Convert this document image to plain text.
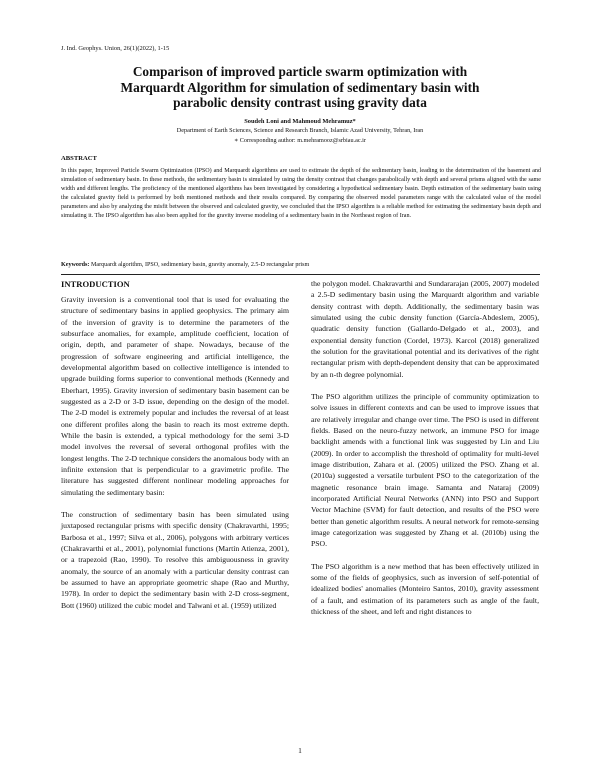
J. Ind. Geophys. Union, 26(1)(2022), 1-15
Comparison of improved particle swarm optimization with
Marquardt Algorithm for simulation of sedimentary basin with
parabolic density contrast using gravity data
Soudeh Loni and Mahmoud Mehramuz*
Department of Earth Sciences, Science and Research Branch, Islamic Azad University, Tehran, Iran
∗ Corresponding author: m.mehramooz@srbiau.ac.ir
ABSTRACT
In this paper, Improved Particle Swarm Optimization (IPSO) and Marquardt algorithms are used to estimate the depth of the sedimentary basin, leading to the determination of the basement and simulation of sedimentary basin. In these methods, the sedimentary basin is simulated by using the density contrast that changes parabolically with depth and several prisms aligned with the same width and different lengths. The proficiency of the mentioned algorithms has been investigated by considering a hypothetical sedimentary basin. Depth estimation of the sedimentary basin using the calculated gravity field is performed by both mentioned methods and their results compared. By comparing the observed model parameters range with the calculated value of the model parameters and also by analyzing the misfit between the observed and calculated gravity, we concluded that the IPSO algorithm is a reliable method for estimating the sedimentary basin depth and simulating it. The IPSO algorithm has also been applied for the gravity inverse modeling of a sedimentary basin in the Northeast region of Iran.
Keywords: Marquardt algorithm, IPSO, sedimentary basin, gravity anomaly, 2.5-D rectangular prism
INTRODUCTION

Gravity inversion is a conventional tool that is used for evaluating the structure of sedimentary basins in applied geophysics. The primary aim of the inversion of gravity is to determine the parameters of the subsurface anomalies, for example, amplitude coefficient, location of origin, depth, and parameter of shape. Nowadays, because of the progression of software engineering and artificial intelligence, the developmental algorithm based on collective intelligence is intended to upgrade building forms superior to conventional methods (Kennedy and Eberhart, 1995). Gravity inversion of sedimentary basin basement can be suggested as a 2-D or 3-D issue, depending on the design of the model. The 2-D model is extremely popular and includes the reversal of at least one different profiles along the basin to reach its most extreme depth. While the basin is extended, a typical methodology for the semi 3-D model involves the reversal of several orthogonal profiles with the longest lengths. The 2-D technique considers the anomalous body with an infinite extension that is perpendicular to a gravimetric profile. The literature has suggested different nonlinear modeling approaches for simulating the sedimentary basin:

The construction of sedimentary basin has been simulated using juxtaposed rectangular prisms with specific density (Chakravarthi, 1995; Barbosa et al., 1997; Silva et al., 2006), polygons with arbitrary vertices (Chakravarthi et al., 2001), polynomial functions (Martín Atienza, 2001), or a trapezoid (Rao, 1990). To resolve this ambiguousness in gravity anomaly, the source of an anomaly with a particular density contrast can be assumed to have an appropriate geometric shape (Rao and Murthy, 1978). In order to depict the sedimentary basin with 2-D cross-segment, Bott (1960) utilized the cubic model and Talwani et al. (1959) utilized

the polygon model. Chakravarthi and Sundararajan (2005, 2007) modeled a 2.5-D sedimentary basin using the Marquardt algorithm and variable density contrast with depth. Additionally, the sedimentary basin was simulated using the cubic density function (García-Abdeslem, 2005), quadratic density function (Gallardo-Delgado et al., 2003), and exponential density function (Cordel, 1973). Karcol (2018) generalized the solution for the gravitational potential and its derivatives of the right rectangular prism with depth-dependent density that can be approximated by an n-th degree polynomial.

The PSO algorithm utilizes the principle of community optimization to solve issues in different contexts and can be used to improve issues that are relatively irregular and change over time. The PSO is used in different fields. Based on the neuro-fuzzy network, an immune PSO for image backlight amends with a functional link was suggested by Lin and Liu (2009). In order to accomplish the threshold of optimality for multi-level image distribution, Zahara et al. (2005) utilized the PSO. Zhang et al. (2010a) suggested a versatile turbulent PSO to the categorization of the magnetic resonance brain image. Samanta and Nataraj (2009) incorporated Artificial Neural Networks (ANN) into PSO and Support Vector Machine (SVM) for fault detection, and results of the PSO were better than genetic algorithm results. A neural network for remote-sensing image categorization was suggested by Zhang et al. (2010b) using the PSO.

The PSO algorithm is a new method that has been effectively utilized in some of the fields of geophysics, such as inversion of self-potential of idealized bodies' anomalies (Monteiro Santos, 2010), gravity assessment of a fault, and estimation of its parameters such as angle of the fault, thickness of the sheet, and left and right distances to

1
